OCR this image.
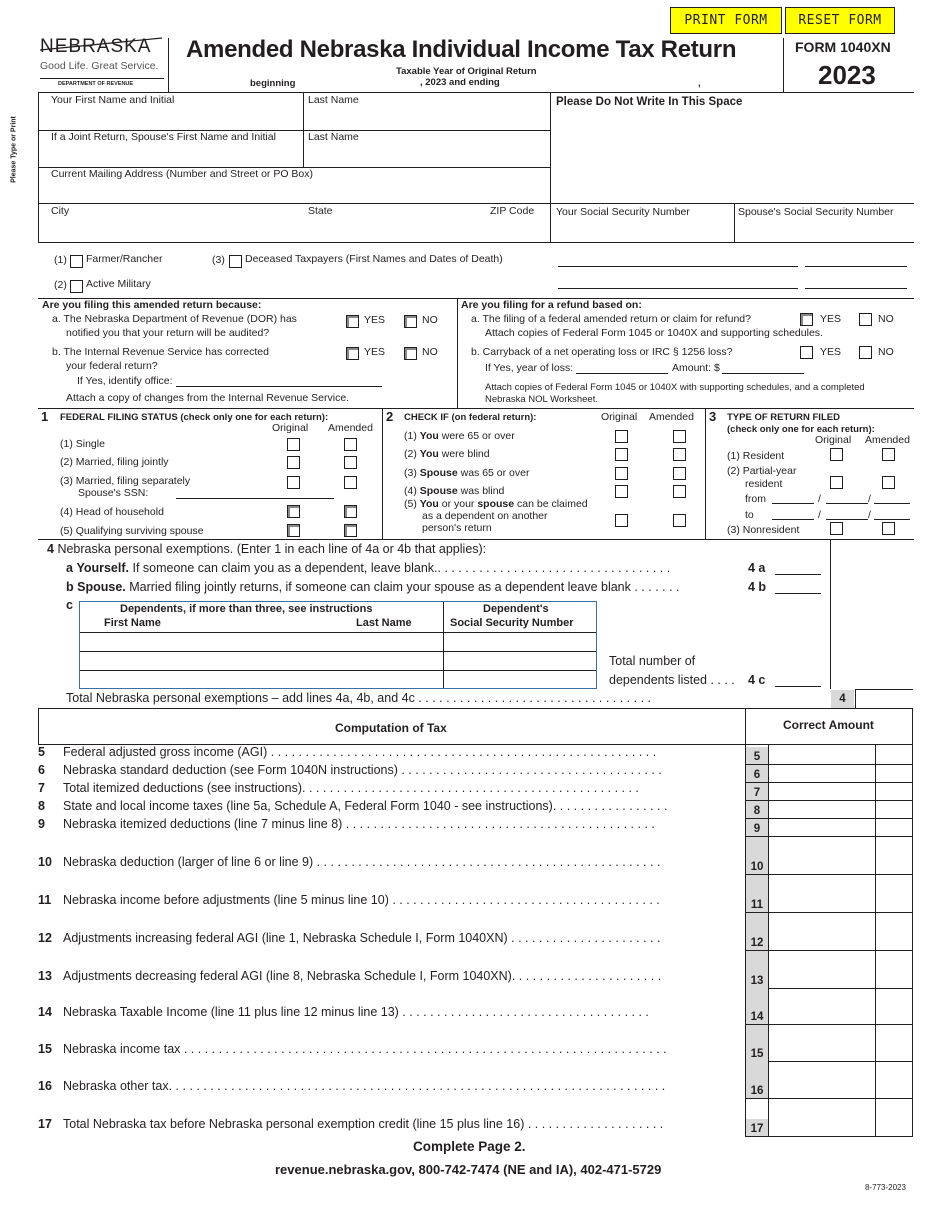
PRINT FORM	RESET FORM
NEBRASKA
Good Life. Great Service.
DEPARTMENT OF REVENUE
Amended Nebraska Individual Income Tax Return	FORM 1040XN
2023
Taxable Year of Original Return
beginning	, 2023 and ending	,
Please Type or Print
Your First Name and Initial	Last Name
If a Joint Return, Spouse's First Name and Initial	Last Name
Current Mailing Address (Number and Street or PO Box)
City	State	ZIP Code
Please Do Not Write In This Space
Your Social Security Number	Spouse's Social Security Number
(1) Farmer/Rancher
(2) Active Military
(3) Deceased Taxpayers (First Names and Dates of Death)
Are you filing this amended return because:
a. The Nebraska Department of Revenue (DOR) has
notified you that your return will be audited?
YES	NO
b. The Internal Revenue Service has corrected
your federal return?
YES	NO
If Yes, identify office:
Attach a copy of changes from the Internal Revenue Service.
Are you filing for a refund based on:
a. The filing of a federal amended return or claim for refund?	YES	NO
Attach copies of Federal Form 1045 or 1040X and supporting schedules.
b. Carryback of a net operating loss or IRC § 1256 loss?	YES	NO
If Yes, year of loss:	Amount: $
Attach copies of Federal Form 1045 or 1040X with supporting schedules, and a completed
Nebraska NOL Worksheet.
1 FEDERAL FILING STATUS (check only one for each return):
Original Amended
(1) Single
(2) Married, filing jointly
(3) Married, filing separately
Spouse's SSN:
(4) Head of household
(5) Qualifying surviving spouse
2 CHECK IF (on federal return):	Original Amended
(1) You were 65 or over
(2) You were blind
(3) Spouse was 65 or over
(4) Spouse was blind
(5) You or your spouse can be claimed
as a dependent on another
person's return
3 TYPE OF RETURN FILED
(check only one for each return):
Original Amended
(1) Resident
(2) Partial-year
resident
from	/	/
to	/	/
(3) Nonresident
4 Nebraska personal exemptions. (Enter 1 in each line of 4a or 4b that applies):
a Yourself. If someone can claim you as a dependent, leave blank.. . . . . . . . . . . . . . . . . . . . . . . . . . . . . . . . . .	4 a
b Spouse. Married filing jointly returns, if someone can claim your spouse as a dependent leave blank . . . . . . .	4 b
c	Dependents, if more than three, see instructions
First Name	Last Name
Dependent's
Social Security Number
Total number of
dependents listed . . . . 4 c
Total Nebraska personal exemptions – add lines 4a, 4b, and 4c . . . . . . . . . . . . . . . . . . . . . . . . . . . . . . . . . .	4
Computation of Tax	Correct Amount
5 Federal adjusted gross income (AGI) . . . . . . . . . . . . . . . . . . . . . . . . . . . . . . . . . . . . . . . . . . . . . . . . . . . . . . . .	5
6 Nebraska standard deduction (see Form 1040N instructions) . . . . . . . . . . . . . . . . . . . . . . . . . . . . . . . . . . . . . .	6
7 Total itemized deductions (see instructions). . . . . . . . . . . . . . . . . . . . . . . . . . . . . . . . . . . . . . . . . . . . . . . . .	7
8 State and local income taxes (line 5a, Schedule A, Federal Form 1040 - see instructions). . . . . . . . . . . . . . . . .	8
9 Nebraska itemized deductions (line 7 minus line 8) . . . . . . . . . . . . . . . . . . . . . . . . . . . . . . . . . . . . . . . . . . . . .	9
10 Nebraska deduction (larger of line 6 or line 9) . . . . . . . . . . . . . . . . . . . . . . . . . . . . . . . . . . . . . . . . . . . . . . . . . .	10
11 Nebraska income before adjustments (line 5 minus line 10) . . . . . . . . . . . . . . . . . . . . . . . . . . . . . . . . . . . . . . .	11
12 Adjustments increasing federal AGI (line 1, Nebraska Schedule I, Form 1040XN) . . . . . . . . . . . . . . . . . . . . . .	12
13 Adjustments decreasing federal AGI (line 8, Nebraska Schedule I, Form 1040XN). . . . . . . . . . . . . . . . . . . . . .	13
14 Nebraska Taxable Income (line 11 plus line 12 minus line 13) . . . . . . . . . . . . . . . . . . . . . . . . . . . . . . . . . . . .	14
15 Nebraska income tax . . . . . . . . . . . . . . . . . . . . . . . . . . . . . . . . . . . . . . . . . . . . . . . . . . . . . . . . . . . . . . . . . . . . . .	15
16 Nebraska other tax. . . . . . . . . . . . . . . . . . . . . . . . . . . . . . . . . . . . . . . . . . . . . . . . . . . . . . . . . . . . . . . . . . . . . . . .	16
17 Total Nebraska tax before Nebraska personal exemption credit (line 15 plus line 16) . . . . . . . . . . . . . . . . . . . .	17
Complete Page 2.
revenue.nebraska.gov, 800-742-7474 (NE and IA), 402-471-5729
8-773-2023
